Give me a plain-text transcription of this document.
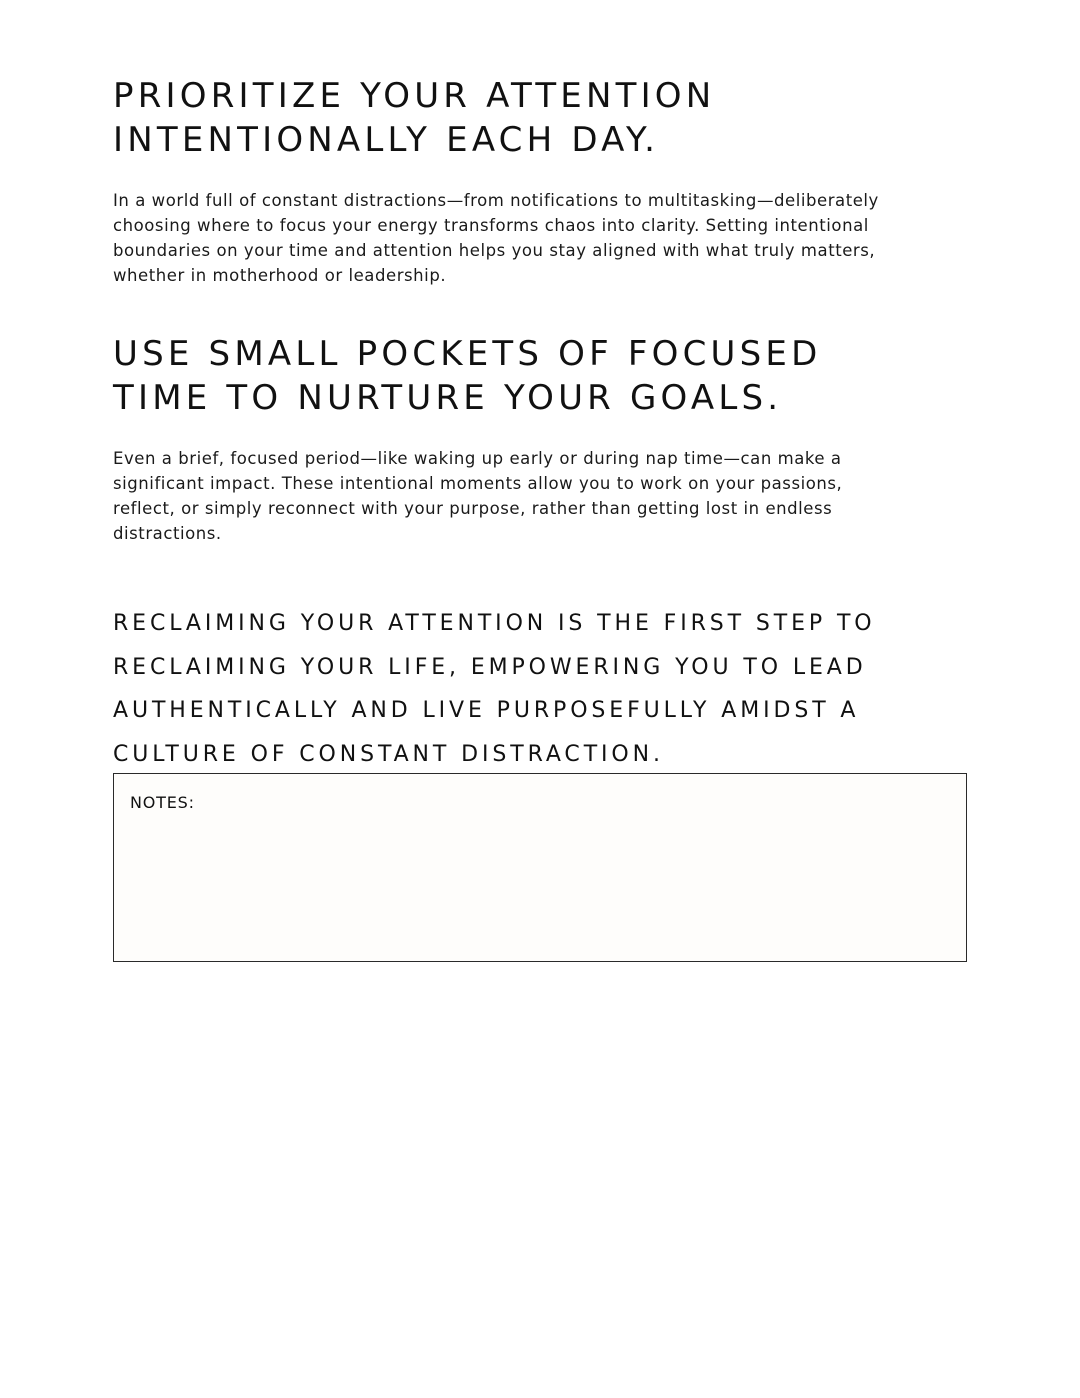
PRIORITIZE YOUR ATTENTION
INTENTIONALLY EACH DAY.

In a world full of constant distractions—from notifications to multitasking—deliberately
choosing where to focus your energy transforms chaos into clarity. Setting intentional
boundaries on your time and attention helps you stay aligned with what truly matters,
whether in motherhood or leadership.

USE SMALL POCKETS OF FOCUSED
TIME TO NURTURE YOUR GOALS.

Even a brief, focused period—like waking up early or during nap time—can make a
significant impact. These intentional moments allow you to work on your passions,
reflect, or simply reconnect with your purpose, rather than getting lost in endless
distractions.

RECLAIMING YOUR ATTENTION IS THE FIRST STEP TO
RECLAIMING YOUR LIFE, EMPOWERING YOU TO LEAD
AUTHENTICALLY AND LIVE PURPOSEFULLY AMIDST A
CULTURE OF CONSTANT DISTRACTION.

NOTES:
